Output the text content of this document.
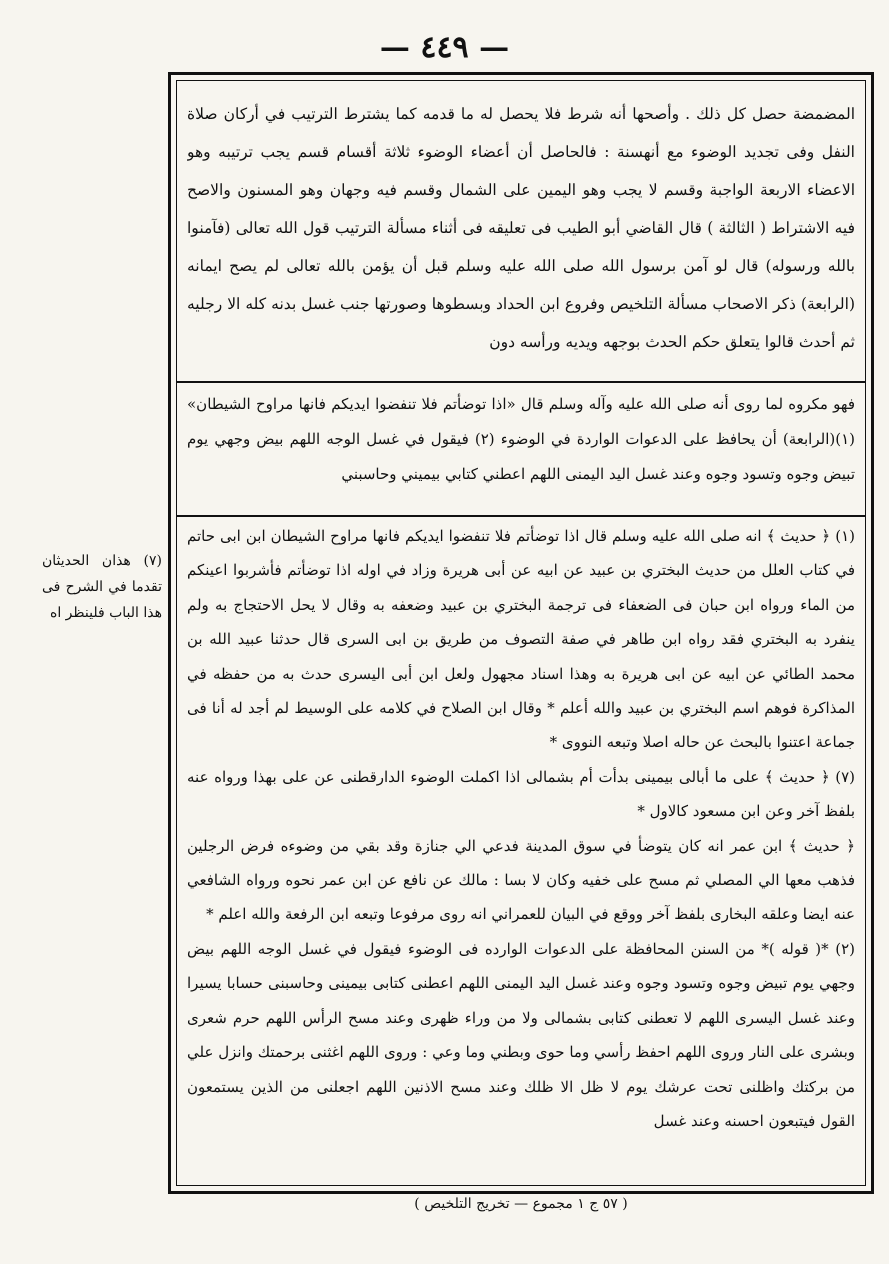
— ٤٤٩ —
(٧) هذان الحديثان تقدما في الشرح فى هذا الباب فلينظر اه
المضمضة حصل كل ذلك . وأصحها أنه شرط فلا يحصل له ما قدمه كما يشترط الترتيب في أركان صلاة النفل وفى تجديد الوضوء مع أنهسنة : فالحاصل أن أعضاء الوضوء ثلاثة أقسام قسم يجب ترتيبه وهو الاعضاء الاربعة الواجبة وقسم لا يجب وهو اليمين على الشمال وقسم فيه وجهان وهو المسنون والاصح فيه الاشتراط ( الثالثة ) قال القاضي أبو الطيب فى تعليقه فى أثناء مسألة الترتيب قول الله تعالى (فآمنوا بالله ورسوله) قال لو آمن برسول الله صلى الله عليه وسلم قبل أن يؤمن بالله تعالى لم يصح ايمانه (الرابعة) ذكر الاصحاب مسألة التلخيص وفروع ابن الحداد وبسطوها وصورتها جنب غسل بدنه كله الا رجليه ثم أحدث قالوا يتعلق حكم الحدث بوجهه ويديه ورأسه دون
فهو مكروه لما روى أنه صلى الله عليه وآله وسلم قال «اذا توضأتم فلا تنفضوا ايديكم فانها مراوح الشيطان» (١)(الرابعة) أن يحافظ على الدعوات الواردة في الوضوء (٢) فيقول في غسل الوجه اللهم بيض وجهي يوم تبيض وجوه وتسود وجوه وعند غسل اليد اليمنى اللهم اعطني كتابي بيميني وحاسبني

(١) ﴿ حديث ﴾ انه صلى الله عليه وسلم قال اذا توضأتم فلا تنفضوا ايديكم فانها مراوح الشيطان ابن ابى حاتم في كتاب العلل من حديث البختري بن عبيد عن ابيه عن أبى هريرة وزاد في اوله اذا توضأتم فأشربوا اعينكم من الماء ورواه ابن حبان فى الضعفاء فى ترجمة البختري بن عبيد وضعفه به وقال لا يحل الاحتجاج به ولم ينفرد به البختري فقد رواه ابن طاهر في صفة التصوف من طريق بن ابى السرى قال حدثنا عبيد الله بن محمد الطائي عن ابيه عن ابى هريرة به وهذا اسناد مجهول ولعل ابن أبى اليسرى حدث به من حفظه في المذاكرة فوهم اسم البختري بن عبيد والله أعلم * وقال ابن الصلاح في كلامه على الوسيط لم أجد له أنا فى جماعة اعتنوا بالبحث عن حاله اصلا وتبعه النووى *

(٧) ﴿ حديث ﴾ على ما أبالى بيمينى بدأت أم بشمالى اذا اكملت الوضوء الدارقطنى عن على بهذا ورواه عنه بلفظ آخر وعن ابن مسعود كالاول *

﴿ حديث ﴾ ابن عمر انه كان يتوضأ في سوق المدينة فدعي الي جنازة وقد بقي من وضوءه فرض الرجلين فذهب معها الي المصلي ثم مسح على خفيه وكان لا بسا : مالك عن نافع عن ابن عمر نحوه ورواه الشافعي عنه ايضا وعلقه البخارى بلفظ آخر ووقع في البيان للعمراني انه روى مرفوعا وتبعه ابن الرفعة والله اعلم *

(٢) *( قوله )* من السنن المحافظة على الدعوات الوارده فى الوضوء فيقول في غسل الوجه اللهم بيض وجهي يوم تبيض وجوه وتسود وجوه وعند غسل اليد اليمنى اللهم اعطنى كتابى بيمينى وحاسبنى حسابا يسيرا وعند غسل اليسرى اللهم لا تعطنى كتابى بشمالى ولا من وراء ظهرى وعند مسح الرأس اللهم حرم شعرى وبشرى على النار وروى اللهم احفظ رأسي وما حوى وبطني وما وعي : وروى اللهم اغثنى برحمتك وانزل علي من بركتك واظلنى تحت عرشك يوم لا ظل الا ظلك وعند مسح الاذنين اللهم اجعلنى من الذين يستمعون القول فيتبعون احسنه وعند غسل

( ٥٧ ج ١ مجموع — تخريج التلخيص )
